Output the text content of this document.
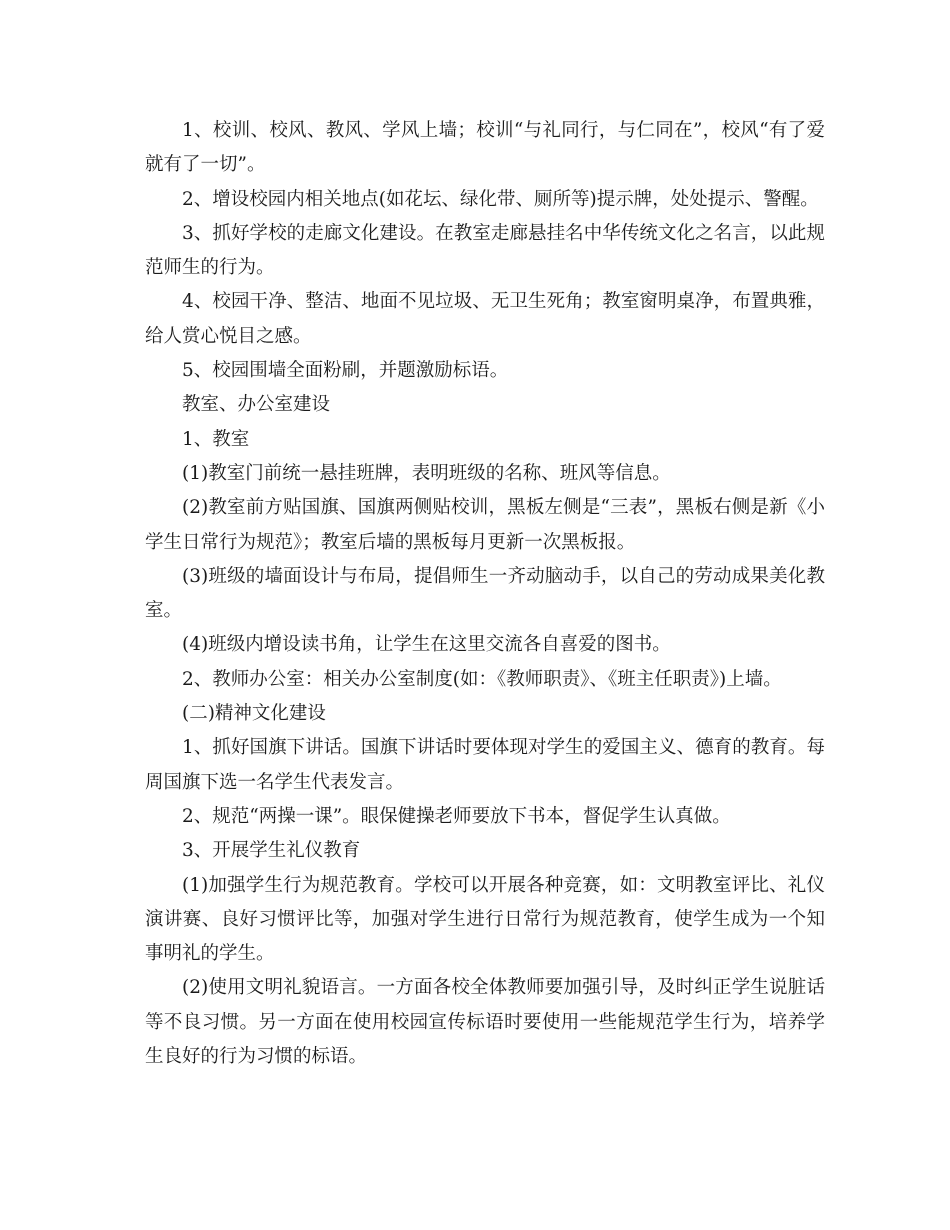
1、校训、校风、教风、学风上墙；校训“与礼同行，与仁同在”，校风“有了爱就有了一切”。

2、增设校园内相关地点(如花坛、绿化带、厕所等)提示牌，处处提示、警醒。

3、抓好学校的走廊文化建设。在教室走廊悬挂名中华传统文化之名言，以此规范师生的行为。

4、校园干净、整洁、地面不见垃圾、无卫生死角；教室窗明桌净，布置典雅，给人赏心悦目之感。

5、校园围墙全面粉刷，并题激励标语。

教室、办公室建设

1、教室

(1)教室门前统一悬挂班牌，表明班级的名称、班风等信息。

(2)教室前方贴国旗、国旗两侧贴校训，黑板左侧是“三表”，黑板右侧是新《小学生日常行为规范》；教室后墙的黑板每月更新一次黑板报。

(3)班级的墙面设计与布局，提倡师生一齐动脑动手，以自己的劳动成果美化教室。

(4)班级内增设读书角，让学生在这里交流各自喜爱的图书。

2、教师办公室：相关办公室制度(如：《教师职责》、《班主任职责》)上墙。

(二)精神文化建设

1、抓好国旗下讲话。国旗下讲话时要体现对学生的爱国主义、德育的教育。每周国旗下选一名学生代表发言。

2、规范“两操一课”。眼保健操老师要放下书本，督促学生认真做。

3、开展学生礼仪教育

(1)加强学生行为规范教育。学校可以开展各种竞赛，如：文明教室评比、礼仪演讲赛、良好习惯评比等，加强对学生进行日常行为规范教育，使学生成为一个知事明礼的学生。

(2)使用文明礼貌语言。一方面各校全体教师要加强引导，及时纠正学生说脏话等不良习惯。另一方面在使用校园宣传标语时要使用一些能规范学生行为，培养学生良好的行为习惯的标语。
